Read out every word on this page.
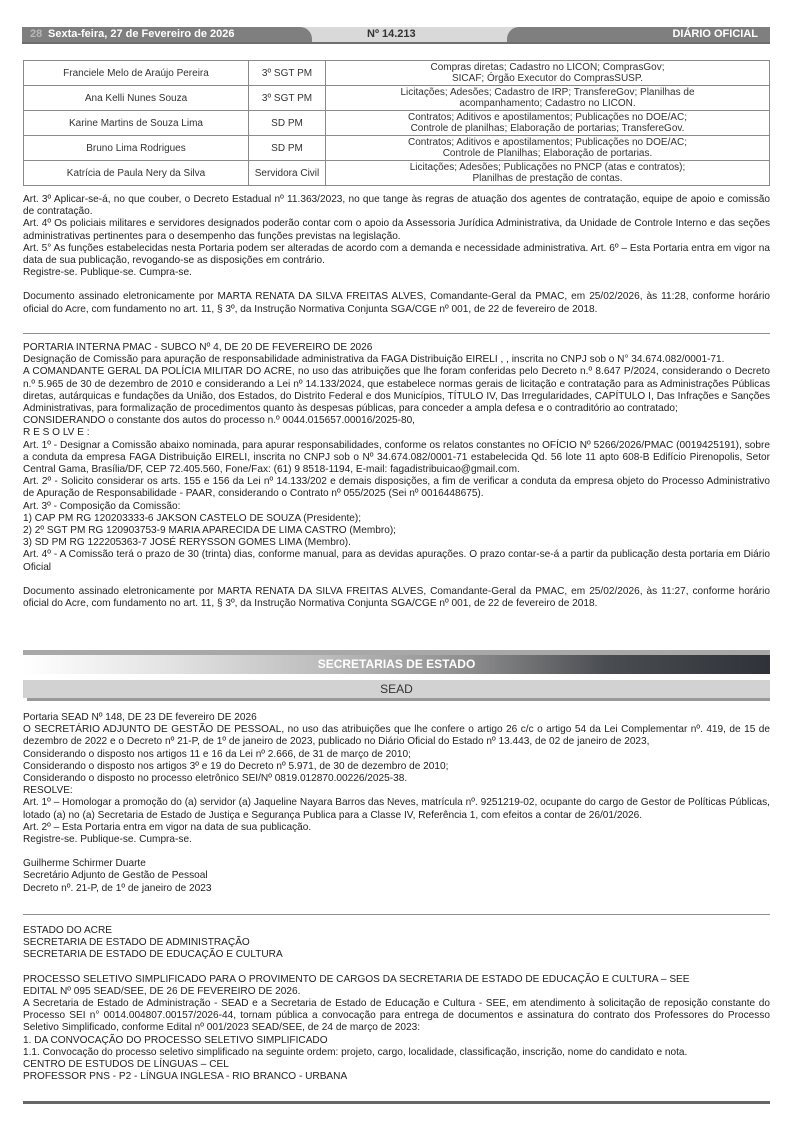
28 Sexta-feira, 27 de Fevereiro de 2026	Nº 14.213	DIÁRIO OFICIAL
Franciele Melo de Araújo Pereira	3º SGT PM	Compras diretas; Cadastro no LICON; ComprasGov;
SICAF; Órgão Executor do ComprasSUSP.
Ana Kelli Nunes Souza	3º SGT PM	Licitações; Adesões; Cadastro de IRP; TransfereGov; Planilhas de
acompanhamento; Cadastro no LICON.
Karine Martins de Souza Lima	SD PM	Contratos; Aditivos e apostilamentos; Publicações no DOE/AC;
Controle de planilhas; Elaboração de portarias; TransfereGov.
Bruno Lima Rodrigues	SD PM	Contratos; Aditivos e apostilamentos; Publicações no DOE/AC;
Controle de Planilhas; Elaboração de portarias.
Katrícia de Paula Nery da Silva	Servidora Civil	Licitações; Adesões; Publicações no PNCP (atas e contratos);
Planilhas de prestação de contas.

Art. 3º Aplicar-se-á, no que couber, o Decreto Estadual nº 11.363/2023, no que tange às regras de atuação dos agentes de contratação, equipe de apoio e comissão de contratação.

Art. 4º Os policiais militares e servidores designados poderão contar com o apoio da Assessoria Jurídica Administrativa, da Unidade de Controle Interno e das seções administrativas pertinentes para o desempenho das funções previstas na legislação.

Art. 5° As funções estabelecidas nesta Portaria podem ser alteradas de acordo com a demanda e necessidade administrativa. Art. 6º – Esta Portaria entra em vigor na data de sua publicação, revogando-se as disposições em contrário.

Registre-se. Publique-se. Cumpra-se.

Documento assinado eletronicamente por MARTA RENATA DA SILVA FREITAS ALVES, Comandante-Geral da PMAC, em 25/02/2026, às 11:28, conforme horário oficial do Acre, com fundamento no art. 11, § 3º, da Instrução Normativa Conjunta SGA/CGE nº 001, de 22 de fevereiro de 2018.

PORTARIA INTERNA PMAC - SUBCO Nº 4, DE 20 DE FEVEREIRO DE 2026

Designação de Comissão para apuração de responsabilidade administrativa da FAGA Distribuição EIRELI , , inscrita no CNPJ sob o N° 34.674.082/0001-71.

A COMANDANTE GERAL DA POLÍCIA MILITAR DO ACRE, no uso das atribuições que lhe foram conferidas pelo Decreto n.º 8.647 P/2024, considerando o Decreto n.º 5.965 de 30 de dezembro de 2010 e considerando a Lei nº 14.133/2024, que estabelece normas gerais de licitação e contratação para as Administrações Públicas diretas, autárquicas e fundações da União, dos Estados, do Distrito Federal e dos Municípios, TÍTULO IV, Das Irregularidades, CAPÍTULO I, Das Infrações e Sanções Administrativas, para formalização de procedimentos quanto às despesas públicas, para conceder a ampla defesa e o contraditório ao contratado;

CONSIDERANDO o constante dos autos do processo n.º 0044.015657.00016/2025-80,

R E S O LV E :

Art. 1º - Designar a Comissão abaixo nominada, para apurar responsabilidades, conforme os relatos constantes no OFÍCIO Nº 5266/2026/PMAC (0019425191), sobre a conduta da empresa FAGA Distribuição EIRELI, inscrita no CNPJ sob o Nº 34.674.082/0001-71 estabelecida Qd. 56 lote 11 apto 608-B Edifício Pirenopolis, Setor Central Gama, Brasília/DF, CEP 72.405.560, Fone/Fax: (61) 9 8518-1194, E-mail: fagadistribuicao@gmail.com.

Art. 2º - Solicito considerar os arts. 155 e 156 da Lei nº 14.133/202 e demais disposições, a fim de verificar a conduta da empresa objeto do Processo Administrativo de Apuração de Responsabilidade - PAAR, considerando o Contrato nº 055/2025 (Sei nº 0016448675).

Art. 3º - Composição da Comissão:

1) CAP PM RG 120203333-6 JAKSON CASTELO DE SOUZA (Presidente);

2) 2º SGT PM RG 120903753-9 MARIA APARECIDA DE LIMA CASTRO (Membro);

3) SD PM RG 122205363-7 JOSÉ RERYSSON GOMES LIMA (Membro).

Art. 4º - A Comissão terá o prazo de 30 (trinta) dias, conforme manual, para as devidas apurações. O prazo contar-se-á a partir da publicação desta portaria em Diário Oficial

Documento assinado eletronicamente por MARTA RENATA DA SILVA FREITAS ALVES, Comandante-Geral da PMAC, em 25/02/2026, às 11:27, conforme horário oficial do Acre, com fundamento no art. 11, § 3º, da Instrução Normativa Conjunta SGA/CGE nº 001, de 22 de fevereiro de 2018.

SECRETARIAS DE ESTADO
SEAD

Portaria SEAD Nº 148, DE 23 DE fevereiro DE 2026

O SECRETÁRIO ADJUNTO DE GESTÃO DE PESSOAL, no uso das atribuições que lhe confere o artigo 26 c/c o artigo 54 da Lei Complementar nº. 419, de 15 de dezembro de 2022 e o Decreto nº 21-P, de 1º de janeiro de 2023, publicado no Diário Oficial do Estado nº 13.443, de 02 de janeiro de 2023,

Considerando o disposto nos artigos 11 e 16 da Lei nº 2.666, de 31 de março de 2010;

Considerando o disposto nos artigos 3º e 19 do Decreto nº 5.971, de 30 de dezembro de 2010;

Considerando o disposto no processo eletrônico SEI/Nº 0819.012870.00226/2025-38.

RESOLVE:

Art. 1º – Homologar a promoção do (a) servidor (a) Jaqueline Nayara Barros das Neves, matrícula nº. 9251219-02, ocupante do cargo de Gestor de Políticas Públicas, lotado (a) no (a) Secretaria de Estado de Justiça e Segurança Publica para a Classe IV, Referência 1, com efeitos a contar de 26/01/2026.

Art. 2º – Esta Portaria entra em vigor na data de sua publicação.

Registre-se. Publique-se. Cumpra-se.

Guilherme Schirmer Duarte

Secretário Adjunto de Gestão de Pessoal

Decreto nº. 21-P, de 1º de janeiro de 2023

ESTADO DO ACRE

SECRETARIA DE ESTADO DE ADMINISTRAÇÃO

SECRETARIA DE ESTADO DE EDUCAÇÃO E CULTURA

PROCESSO SELETIVO SIMPLIFICADO PARA O PROVIMENTO DE CARGOS DA SECRETARIA DE ESTADO DE EDUCAÇÃO E CULTURA – SEE

EDITAL Nº 095 SEAD/SEE, DE 26 DE FEVEREIRO DE 2026.

A Secretaria de Estado de Administração - SEAD e a Secretaria de Estado de Educação e Cultura - SEE, em atendimento à solicitação de reposição constante do Processo SEI n° 0014.004807.00157/2026-44, tornam pública a convocação para entrega de documentos e assinatura do contrato dos Professores do Processo Seletivo Simplificado, conforme Edital nº 001/2023 SEAD/SEE, de 24 de março de 2023:

1. DA CONVOCAÇÃO DO PROCESSO SELETIVO SIMPLIFICADO

1.1. Convocação do processo seletivo simplificado na seguinte ordem: projeto, cargo, localidade, classificação, inscrição, nome do candidato e nota.

CENTRO DE ESTUDOS DE LÍNGUAS – CEL

PROFESSOR PNS - P2 - LÍNGUA INGLESA - RIO BRANCO - URBANA
